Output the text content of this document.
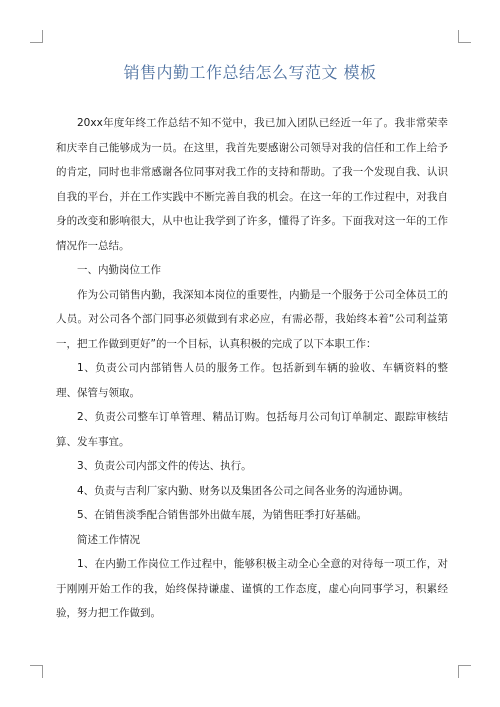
销售内勤工作总结怎么写范文 模板

20xx年度年终工作总结不知不觉中，我已加入团队已经近一年了。我非常荣幸和庆幸自己能够成为一员。在这里，我首先要感谢公司领导对我的信任和工作上给予的肯定，同时也非常感谢各位同事对我工作的支持和帮助。了我一个发现自我、认识自我的平台，并在工作实践中不断完善自我的机会。在这一年的工作过程中，对我自身的改变和影响很大，从中也让我学到了许多，懂得了许多。下面我对这一年的工作情况作一总结。

一、内勤岗位工作

作为公司销售内勤，我深知本岗位的重要性，内勤是一个服务于公司全体员工的人员。对公司各个部门同事必须做到有求必应，有需必帮，我始终本着“公司利益第一，把工作做到更好”的一个目标，认真积极的完成了以下本职工作：

1、负责公司内部销售人员的服务工作。包括新到车辆的验收、车辆资料的整理、保管与领取。

2、负责公司整车订单管理、精品订购。包括每月公司旬订单制定、跟踪审核结算、发车事宜。

3、负责公司内部文件的传达、执行。

4、负责与吉利厂家内勤、财务以及集团各公司之间各业务的沟通协调。

5、在销售淡季配合销售部外出做车展，为销售旺季打好基础。

简述工作情况

1、在内勤工作岗位工作过程中，能够积极主动全心全意的对待每一项工作，对于刚刚开始工作的我，始终保持谦虚、谨慎的工作态度，虚心向同事学习，积累经验，努力把工作做到。
